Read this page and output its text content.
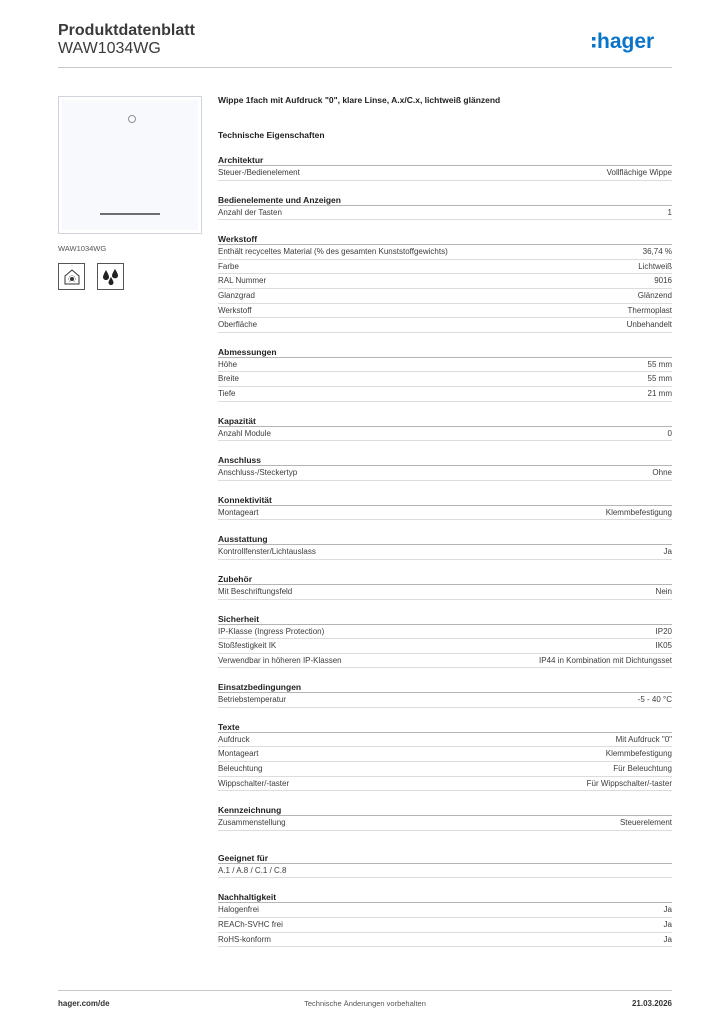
Produktdatenblatt
WAW1034WG	hager
WAW1034WG
Wippe 1fach mit Aufdruck "0", klare Linse, A.x/C.x, lichtweiß glänzend
Technische Eigenschaften
Architektur
Steuer-/Bedienelement	Vollflächige Wippe
Bedienelemente und Anzeigen
Anzahl der Tasten	1
Werkstoff
Enthält recyceltes Material (% des gesamten Kunststoffgewichts)	36,74 %
Farbe	Lichtweiß
RAL Nummer	9016
Glanzgrad	Glänzend
Werkstoff	Thermoplast
Oberfläche	Unbehandelt
Abmessungen
Höhe	55 mm
Breite	55 mm
Tiefe	21 mm
Kapazität
Anzahl Module	0
Anschluss
Anschluss-/Steckertyp	Ohne
Konnektivität
Montageart	Klemmbefestigung
Ausstattung
Kontrollfenster/Lichtauslass	Ja
Zubehör
Mit Beschriftungsfeld	Nein
Sicherheit
IP-Klasse (Ingress Protection)	IP20
Stoßfestigkeit IK	IK05
Verwendbar in höheren IP-Klassen	IP44 in Kombination mit Dichtungsset
Einsatzbedingungen
Betriebstemperatur	-5 - 40 °C
Texte
Aufdruck	Mit Aufdruck "0"
Montageart	Klemmbefestigung
Beleuchtung	Für Beleuchtung
Wippschalter/-taster	Für Wippschalter/-taster
Kennzeichnung
Zusammenstellung	Steuerelement
Geeignet für
A.1 / A.8 / C.1 / C.8
Nachhaltigkeit
Halogenfrei	Ja
REACh-SVHC frei	Ja
RoHS-konform	Ja
hager.com/de	Technische Änderungen vorbehalten	21.03.2026
